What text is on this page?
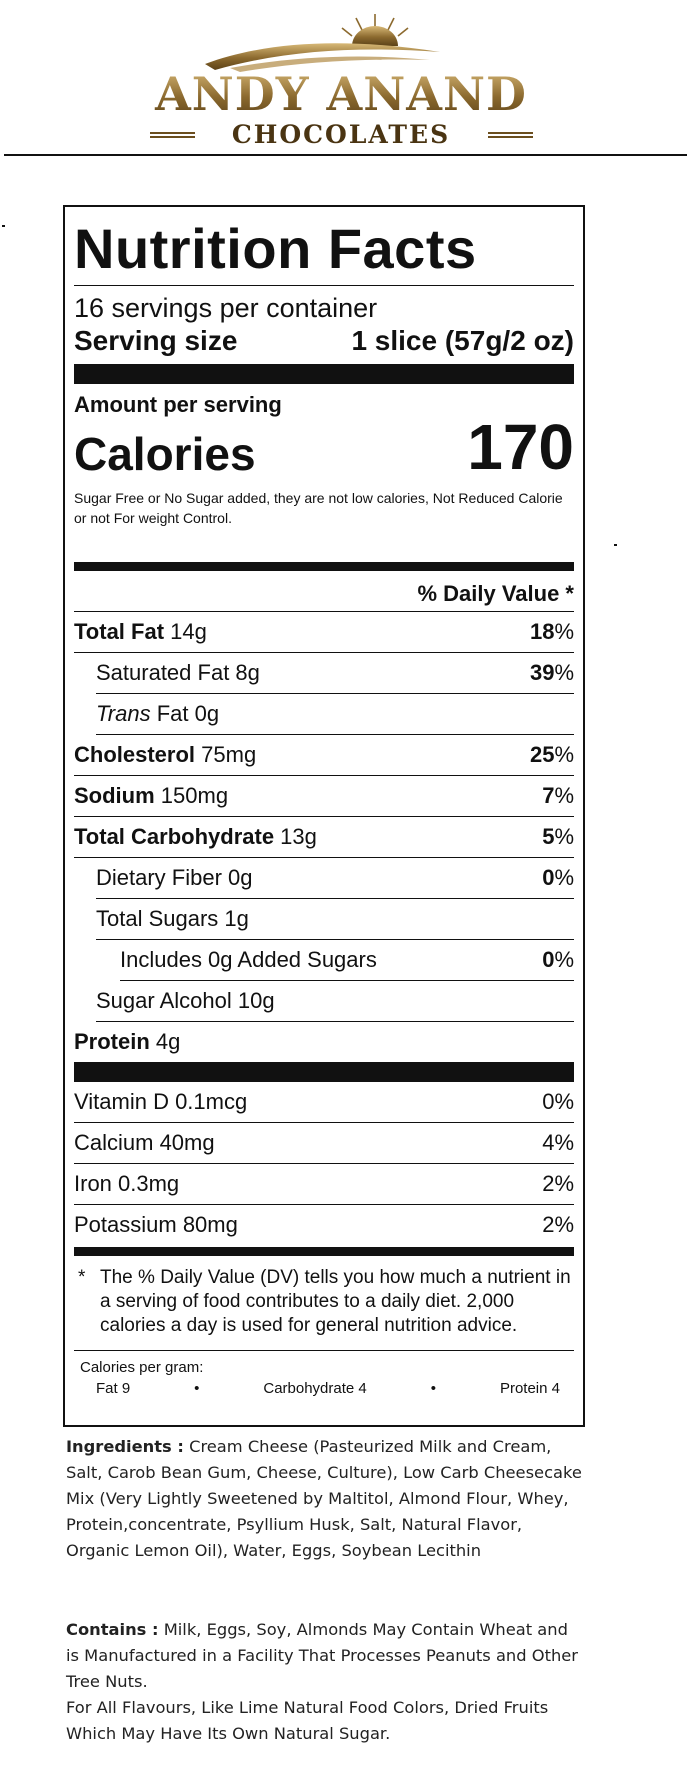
ANDY ANAND
CHOCOLATES
Nutrition Facts
16 servings per container
Serving size	1 slice (57g/2 oz)
Amount per serving
Calories	170
Sugar Free or No Sugar added, they are not low calories, Not Reduced Calorie or not For weight Control.
% Daily Value *
Total Fat 14g	18%
Saturated Fat 8g	39%
Trans Fat 0g
Cholesterol 75mg	25%
Sodium 150mg	7%
Total Carbohydrate 13g	5%
Dietary Fiber 0g	0%
Total Sugars 1g
Includes 0g Added Sugars	0%
Sugar Alcohol 10g
Protein 4g
Vitamin D 0.1mcg	0%
Calcium 40mg	4%
Iron 0.3mg	2%
Potassium 80mg	2%
* The % Daily Value (DV) tells you how much a nutrient in a serving of food contributes to a daily diet. 2,000 calories a day is used for general nutrition advice.
Calories per gram:
Fat 9	•	Carbohydrate 4	•	Protein 4
Ingredients : Cream Cheese (Pasteurized Milk and Cream, Salt, Carob Bean Gum, Cheese, Culture), Low Carb Cheesecake Mix (Very Lightly Sweetened by Maltitol, Almond Flour, Whey, Protein,concentrate, Psyllium Husk, Salt, Natural Flavor, Organic Lemon Oil), Water, Eggs, Soybean Lecithin
Contains : Milk, Eggs, Soy, Almonds May Contain Wheat and is Manufactured in a Facility That Processes Peanuts and Other Tree Nuts.
For All Flavours, Like Lime Natural Food Colors, Dried Fruits Which May Have Its Own Natural Sugar.
